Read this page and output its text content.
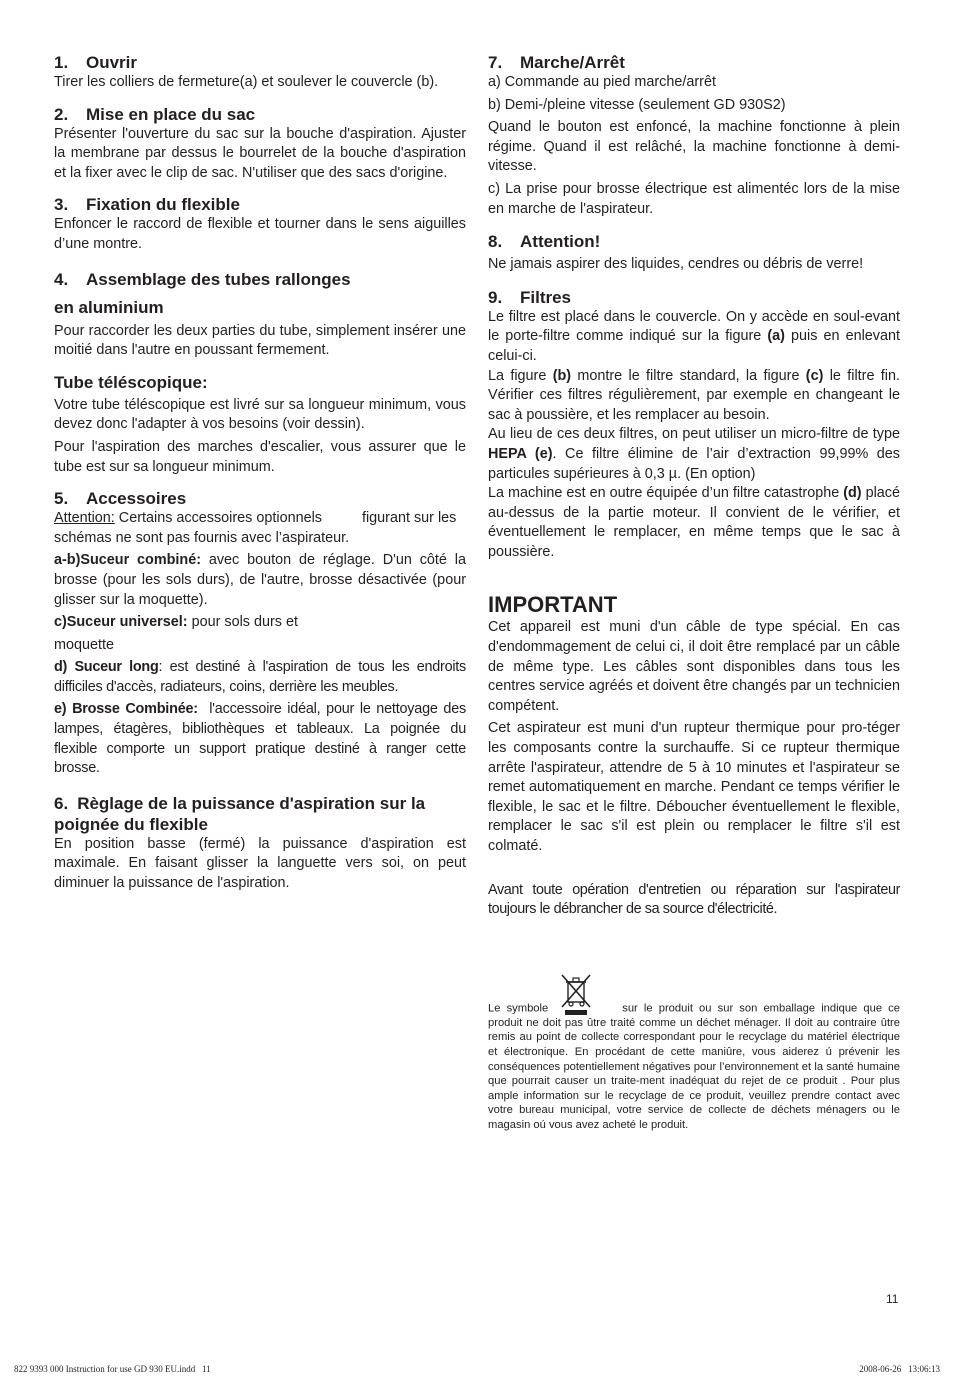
1. Ouvrir

Tirer les colliers de fermeture(a) et soulever le couvercle (b).

2. Mise en place du sac

Présenter l'ouverture du sac sur la bouche d'aspiration. Ajuster la membrane par dessus le bourrelet de la bouche d'aspiration et la fixer avec le clip de sac. N'utiliser que des sacs d'origine.

3. Fixation du flexible

Enfoncer le raccord de flexible et tourner dans le sens aiguilles d’une montre.

4. Assemblage des tubes rallonges
en aluminium

Pour raccorder les deux parties du tube, simplement insérer une moitié dans l'autre en poussant fermement.

Tube téléscopique:

Votre tube téléscopique est livré sur sa longueur minimum, vous devez donc l'adapter à vos besoins (voir dessin).

Pour l'aspiration des marches d'escalier, vous assurer que le tube est sur sa longueur minimum.

5. Accessoires

Attention: Certains accessoires optionnels          figurant sur les schémas ne sont pas fournis avec l’aspirateur.

a-b)Suceur combiné: avec bouton de réglage. D'un côté la brosse (pour les sols durs), de l'autre, brosse désactivée (pour glisser sur la moquette).

c)Suceur universel: pour sols durs et

moquette

d) Suceur long: est destiné à l'aspiration de tous les endroits difficiles d'accès, radiateurs, coins, derrière les meubles.

e) Brosse Combinée:  l'accessoire idéal, pour le nettoyage des lampes, étagères, bibliothèques et tableaux. La poignée du flexible comporte un support pratique destiné à ranger cette brosse.

6. Règlage de la puissance d'aspiration sur la poignée du flexible

En position basse (fermé) la puissance d'aspiration est maximale. En faisant glisser la languette vers soi, on peut diminuer la puissance de l'aspiration.

7. Marche/Arrêt

a) Commande au pied marche/arrêt

b) Demi-/pleine vitesse (seulement GD 930S2)

Quand le bouton est enfoncé, la machine fonctionne à plein régime. Quand il est relâché, la machine fonctionne à demi-vitesse.

c) La prise pour brosse électrique est alimentéc lors de la mise en marche de l'aspirateur.

8. Attention!

Ne jamais aspirer des liquides, cendres ou débris de verre!

9. Filtres

Le filtre est placé dans le couvercle. On y accède en soul-evant le porte-filtre comme indiqué sur la figure (a) puis en enlevant celui-ci.

La figure (b) montre le filtre standard, la figure (c) le filtre fin. Vérifier ces filtres régulièrement, par exemple en changeant le sac à poussière, et les remplacer au besoin.

Au lieu de ces deux filtres, on peut utiliser un micro-filtre de type HEPA (e). Ce filtre élimine de l’air d’extraction 99,99% des particules supérieures à 0,3 µ. (En option)

La machine est en outre équipée d’un filtre catastrophe (d) placé au-dessus de la partie moteur. Il convient de le vérifier, et éventuellement le remplacer, en même temps que le sac à poussière.

IMPORTANT

Cet appareil est muni d'un câble de type spécial. En cas d'endommagement de celui ci, il doit être remplacé par un câble de même type. Les câbles sont disponibles dans tous les centres service agréés et doivent être changés par un technicien compétent.

Cet aspirateur est muni d'un rupteur thermique pour pro-téger les composants contre la surchauffe. Si ce rupteur thermique arrête l'aspirateur, attendre de 5 à 10 minutes et l'aspirateur se remet automatiquement en marche. Pendant ce temps vérifier le flexible, le sac et le filtre. Déboucher éventuellement le flexible, remplacer le sac s'il est plein ou remplacer le filtre s'il est colmaté.

Avant toute opération d'entretien ou réparation sur l'aspirateur toujours le débrancher de sa source d'électricité.

Le symbole	sur le produit ou sur son emballage indique que ce produit ne doit pas ûtre traité comme un déchet ménager. Il doit au contraire ûtre remis au point de collecte correspondant pour le recyclage du matériel électrique et électronique. En procédant de cette maniûre, vous aiderez ú prévenir les conséquences potentiellement négatives pour l’environnement et la santé humaine que pourrait causer un traite-ment inadéquat du rejet de ce produit . Pour plus ample information sur le recyclage de ce produit, veuillez prendre contact avec votre bureau municipal, votre service de collecte de déchets ménagers ou le magasin oú vous avez acheté le produit.

11
822 9393 000 Instruction for use GD 930 EU.indd   11	2008-06-26   13:06:13
